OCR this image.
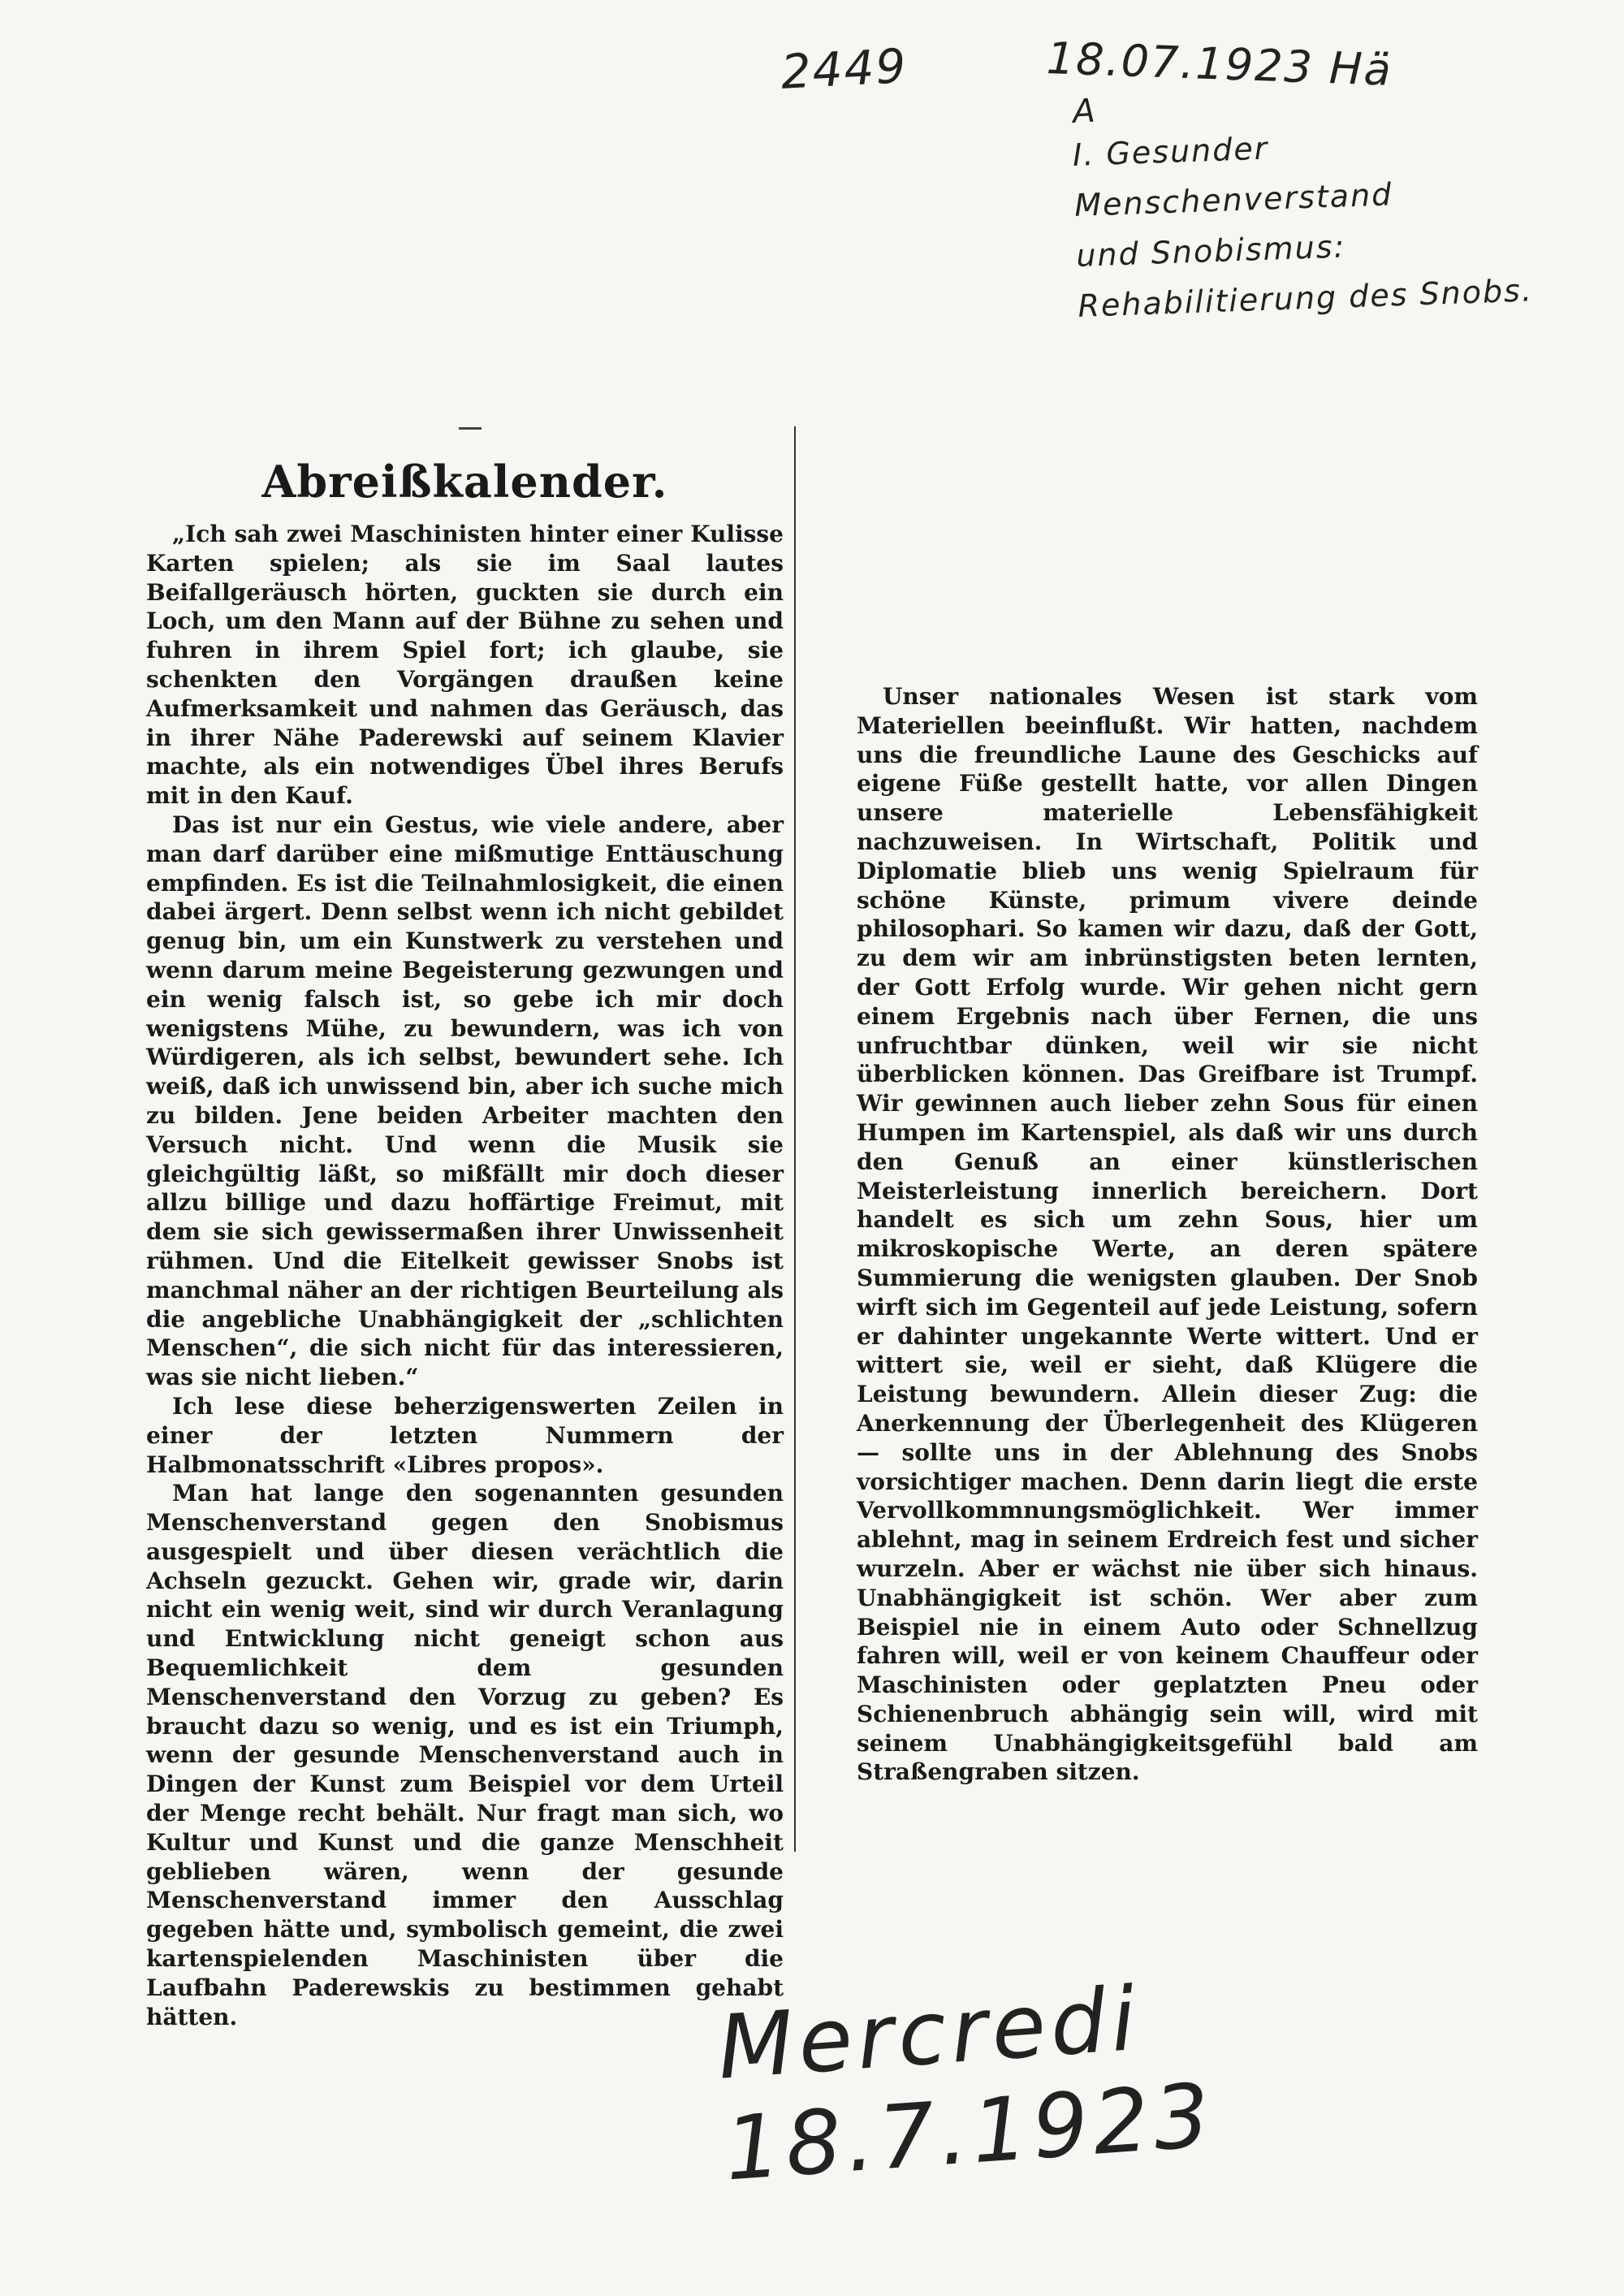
2449	18.07.1923 Hä
A
I. Gesunder Menschenverstand
und Snobismus: Rehabilitierung des Snobs.
Abreißkalender.

„Ich sah zwei Maschinisten hinter einer Kulisse Karten spielen; als sie im Saal lautes Beifallgeräusch hörten, guckten sie durch ein Loch, um den Mann auf der Bühne zu sehen und fuhren in ihrem Spiel fort; ich glaube, sie schenkten den Vorgängen draußen keine Aufmerksamkeit und nahmen das Geräusch, das in ihrer Nähe Paderewski auf seinem Klavier machte, als ein notwendiges Übel ihres Berufs mit in den Kauf.

Das ist nur ein Gestus, wie viele andere, aber man darf darüber eine mißmutige Enttäuschung empfinden. Es ist die Teilnahmlosigkeit, die einen dabei ärgert. Denn selbst wenn ich nicht gebildet genug bin, um ein Kunstwerk zu verstehen und wenn darum meine Begeisterung gezwungen und ein wenig falsch ist, so gebe ich mir doch wenigstens Mühe, zu bewundern, was ich von Würdigeren, als ich selbst, bewundert sehe. Ich weiß, daß ich unwissend bin, aber ich suche mich zu bilden. Jene beiden Arbeiter machten den Versuch nicht. Und wenn die Musik sie gleichgültig läßt, so mißfällt mir doch dieser allzu billige und dazu hoffärtige Freimut, mit dem sie sich gewissermaßen ihrer Unwissenheit rühmen. Und die Eitelkeit gewisser Snobs ist manchmal näher an der richtigen Beurteilung als die angebliche Unabhängigkeit der „schlichten Menschen“, die sich nicht für das interessieren, was sie nicht lieben.“

Ich lese diese beherzigenswerten Zeilen in einer der letzten Nummern der Halbmonatsschrift «Libres propos».

Man hat lange den sogenannten gesunden Menschenverstand gegen den Snobismus ausgespielt und über diesen verächtlich die Achseln gezuckt. Gehen wir, grade wir, darin nicht ein wenig weit, sind wir durch Veranlagung und Entwicklung nicht geneigt schon aus Bequemlichkeit dem gesunden Menschenverstand den Vorzug zu geben? Es braucht dazu so wenig, und es ist ein Triumph, wenn der gesunde Menschenverstand auch in Dingen der Kunst zum Beispiel vor dem Urteil der Menge recht behält. Nur fragt man sich, wo Kultur und Kunst und die ganze Menschheit geblieben wären, wenn der gesunde Menschenverstand immer den Ausschlag gegeben hätte und, symbolisch gemeint, die zwei kartenspielenden Maschinisten über die Laufbahn Paderewskis zu bestimmen gehabt hätten.

Unser nationales Wesen ist stark vom Materiellen beeinflußt. Wir hatten, nachdem uns die freundliche Laune des Geschicks auf eigene Füße gestellt hatte, vor allen Dingen unsere materielle Lebensfähigkeit nachzuweisen. In Wirtschaft, Politik und Diplomatie blieb uns wenig Spielraum für schöne Künste, primum vivere deinde philosophari. So kamen wir dazu, daß der Gott, zu dem wir am inbrünstigsten beten lernten, der Gott Erfolg wurde. Wir gehen nicht gern einem Ergebnis nach über Fernen, die uns unfruchtbar dünken, weil wir sie nicht überblicken können. Das Greifbare ist Trumpf. Wir gewinnen auch lieber zehn Sous für einen Humpen im Kartenspiel, als daß wir uns durch den Genuß an einer künstlerischen Meisterleistung innerlich bereichern. Dort handelt es sich um zehn Sous, hier um mikroskopische Werte, an deren spätere Summierung die wenigsten glauben. Der Snob wirft sich im Gegenteil auf jede Leistung, sofern er dahinter ungekannte Werte wittert. Und er wittert sie, weil er sieht, daß Klügere die Leistung bewundern. Allein dieser Zug: die Anerkennung der Überlegenheit des Klügeren — sollte uns in der Ablehnung des Snobs vorsichtiger machen. Denn darin liegt die erste Vervollkommnungsmöglichkeit. Wer immer ablehnt, mag in seinem Erdreich fest und sicher wurzeln. Aber er wächst nie über sich hinaus. Unabhängigkeit ist schön. Wer aber zum Beispiel nie in einem Auto oder Schnellzug fahren will, weil er von keinem Chauffeur oder Maschinisten oder geplatzten Pneu oder Schienenbruch abhängig sein will, wird mit seinem Unabhängigkeitsgefühl bald am Straßengraben sitzen.

Mercredi 18.7.1923
